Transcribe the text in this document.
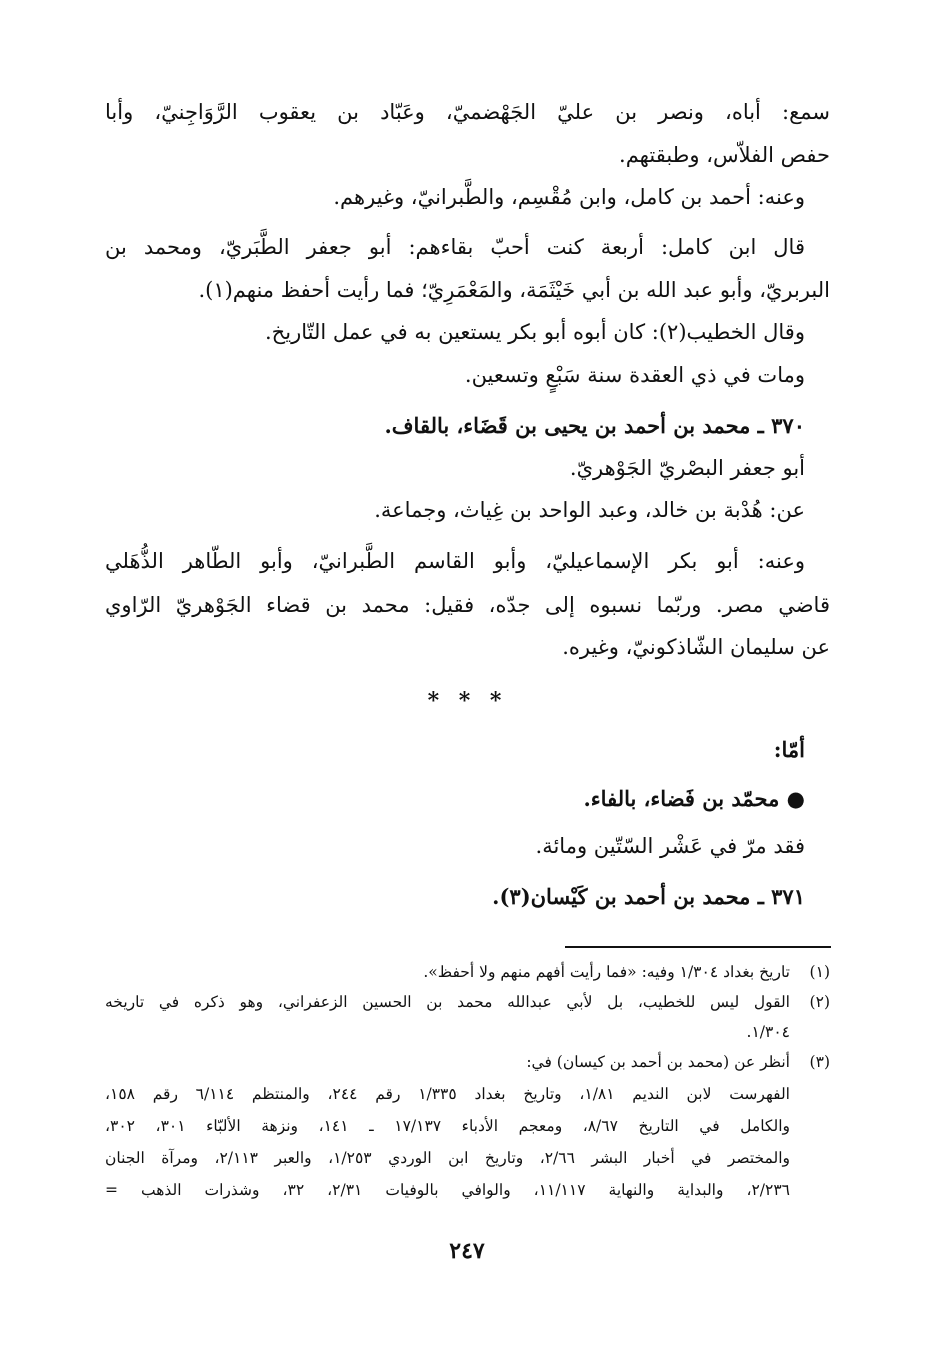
سمع: أباه، ونصر بن عليّ الجَهْضميّ، وعَبّاد بن يعقوب الرَّوَاجِنيّ، وأبا
حفص الفلاّس، وطبقتهم.
وعنه: أحمد بن كامل، وابن مُقْسِم، والطَّبرانيّ، وغيرهم.
قال ابن كامل: أربعة كنت أحبّ بقاءهم: أبو جعفر الطَّبَريّ، ومحمد بن
البربريّ، وأبو عبد الله بن أبي خَيْثَمَة، والمَعْمَرِيّ؛ فما رأيت أحفظ منهم(١).
وقال الخطيب(٢): كان أبوه أبو بكر يستعين به في عمل التّاريخ.
ومات في ذي العقدة سنة سَبْعٍ وتسعين.
٣٧٠ ـ محمد بن أحمد بن يحيى بن قَضَاء، بالقاف.
أبو جعفر البصْريّ الجَوْهريّ.
عن: هُدْبة بن خالد، وعبد الواحد بن غِياث، وجماعة.
وعنه: أبو بكر الإسماعيليّ، وأبو القاسم الطَّبرانيّ، وأبو الطّاهر الذُّهَلي
قاضي مصر. وربّما نسبوه إلى جدّه، فقيل: محمد بن قضاء الجَوْهريّ الرّاوي
عن سليمان الشّاذكونيّ، وغيره.
أمّا:
● محمّد بن فَضاء، بالفاء.
فقد مرّ في عَشْر السّتّين ومائة.
٣٧١ ـ محمد بن أحمد بن كَيْسان(٣).
* * *
(١)
تاريخ بغداد ١/٣٠٤ وفيه: «فما رأيت أفهم منهم ولا أحفظ».
(٢)
القول ليس للخطيب، بل لأبي عبدالله محمد بن الحسين الزعفراني، وهو ذكره في تاريخه
١/٣٠٤.
(٣)
أنظر عن (محمد بن أحمد بن كيسان) في:
الفهرست لابن النديم ١/٨١، وتاريخ بغداد ١/٣٣٥ رقم ٢٤٤، والمنتظم ٦/١١٤ رقم ١٥٨،
والكامل في التاريخ ٨/٦٧، ومعجم الأدباء ١٧/١٣٧ ـ ١٤١، ونزهة الألبّاء ٣٠١، ٣٠٢،
والمختصر في أخبار البشر ٢/٦٦، وتاريخ ابن الوردي ١/٢٥٣، والعبر ٢/١١٣، ومرآة الجنان
٢/٢٣٦، والبداية والنهاية ١١/١١٧، والوافي بالوفيات ٢/٣١، ٣٢، وشذرات الذهب =
٢٤٧
